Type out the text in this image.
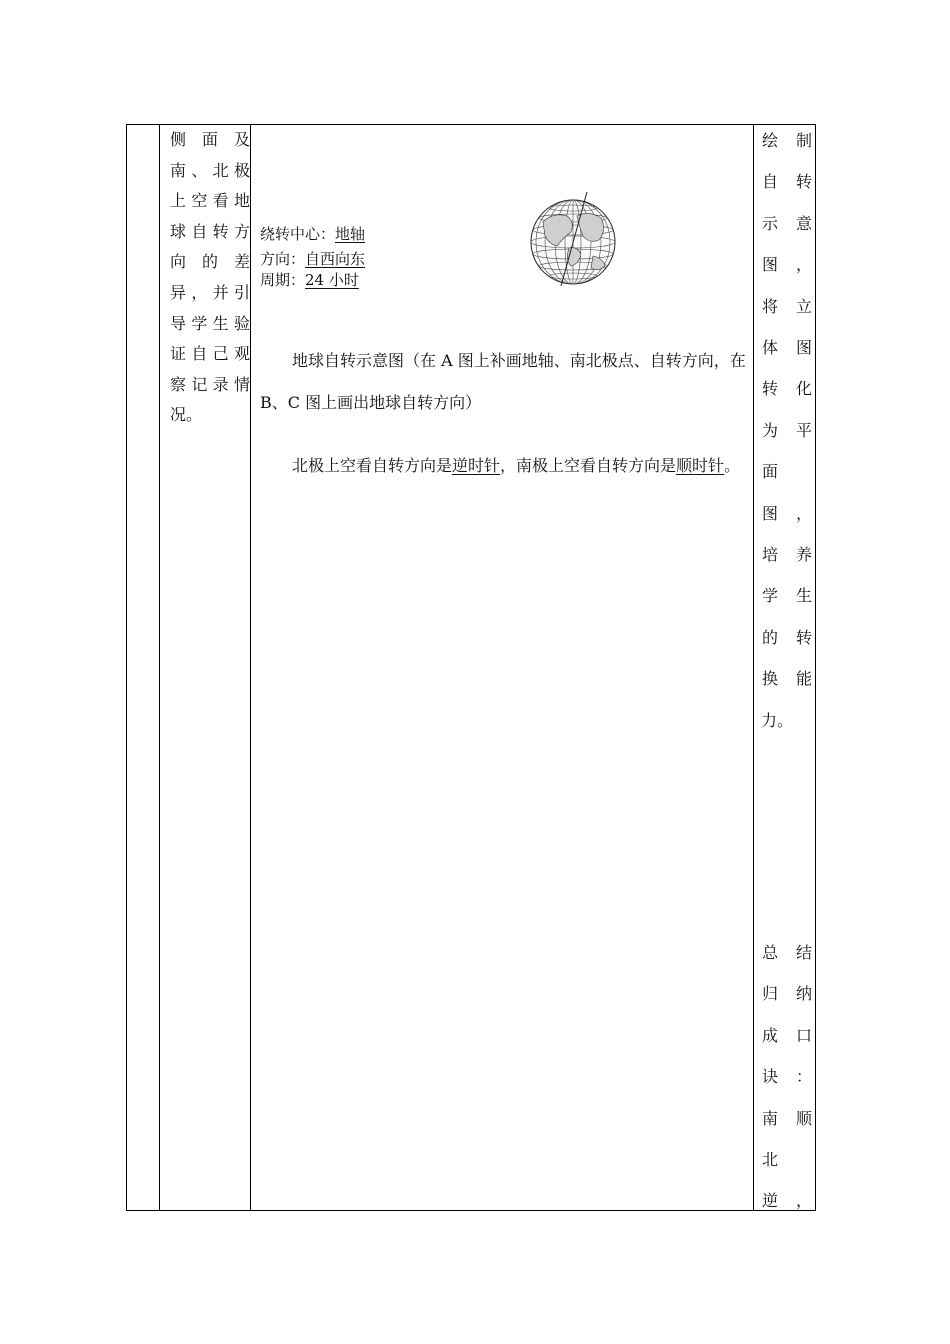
侧 面 及
南、北极
上空看地
球自转方
向 的 差
异，并引
导学生验
证自己观
察记录情
况。
绕转中心：地轴
方向：自西向东
周期：24 小时
地球自转示意图（在 A 图上补画地轴、南北极点、自转方向，在 B、C 图上画出地球自转方向）
北极上空看自转方向是逆时针，南极上空看自转方向是顺时针。
绘 制
自 转
示 意
图 ，
将 立
体 图
转 化
为 平
面
图 ，
培 养
学 生
的 转
换 能
力。
总 结
归 纳
成 口
诀 ：
南 顺
北
逆 ，
